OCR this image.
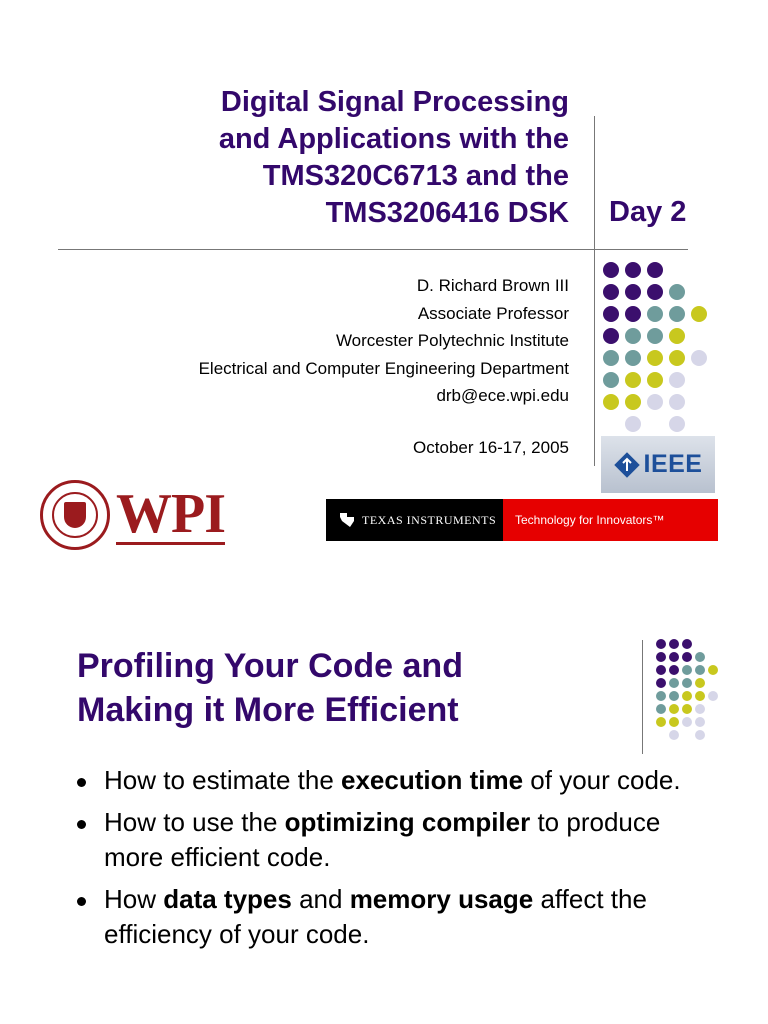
Digital Signal Processing
and Applications with the
TMS320C6713 and the
TMS3206416 DSK Day 2
D. Richard Brown III
Associate Professor
Worcester Polytechnic Institute
Electrical and Computer Engineering Department
drb@ece.wpi.edu
October 16-17, 2005
IEEE
WPI	TEXAS INSTRUMENTS	Technology for Innovators™
Profiling Your Code and
Making it More Efficient
How to estimate the execution time of your code.
How to use the optimizing compiler to produce more efficient code.
How data types and memory usage affect the efficiency of your code.
